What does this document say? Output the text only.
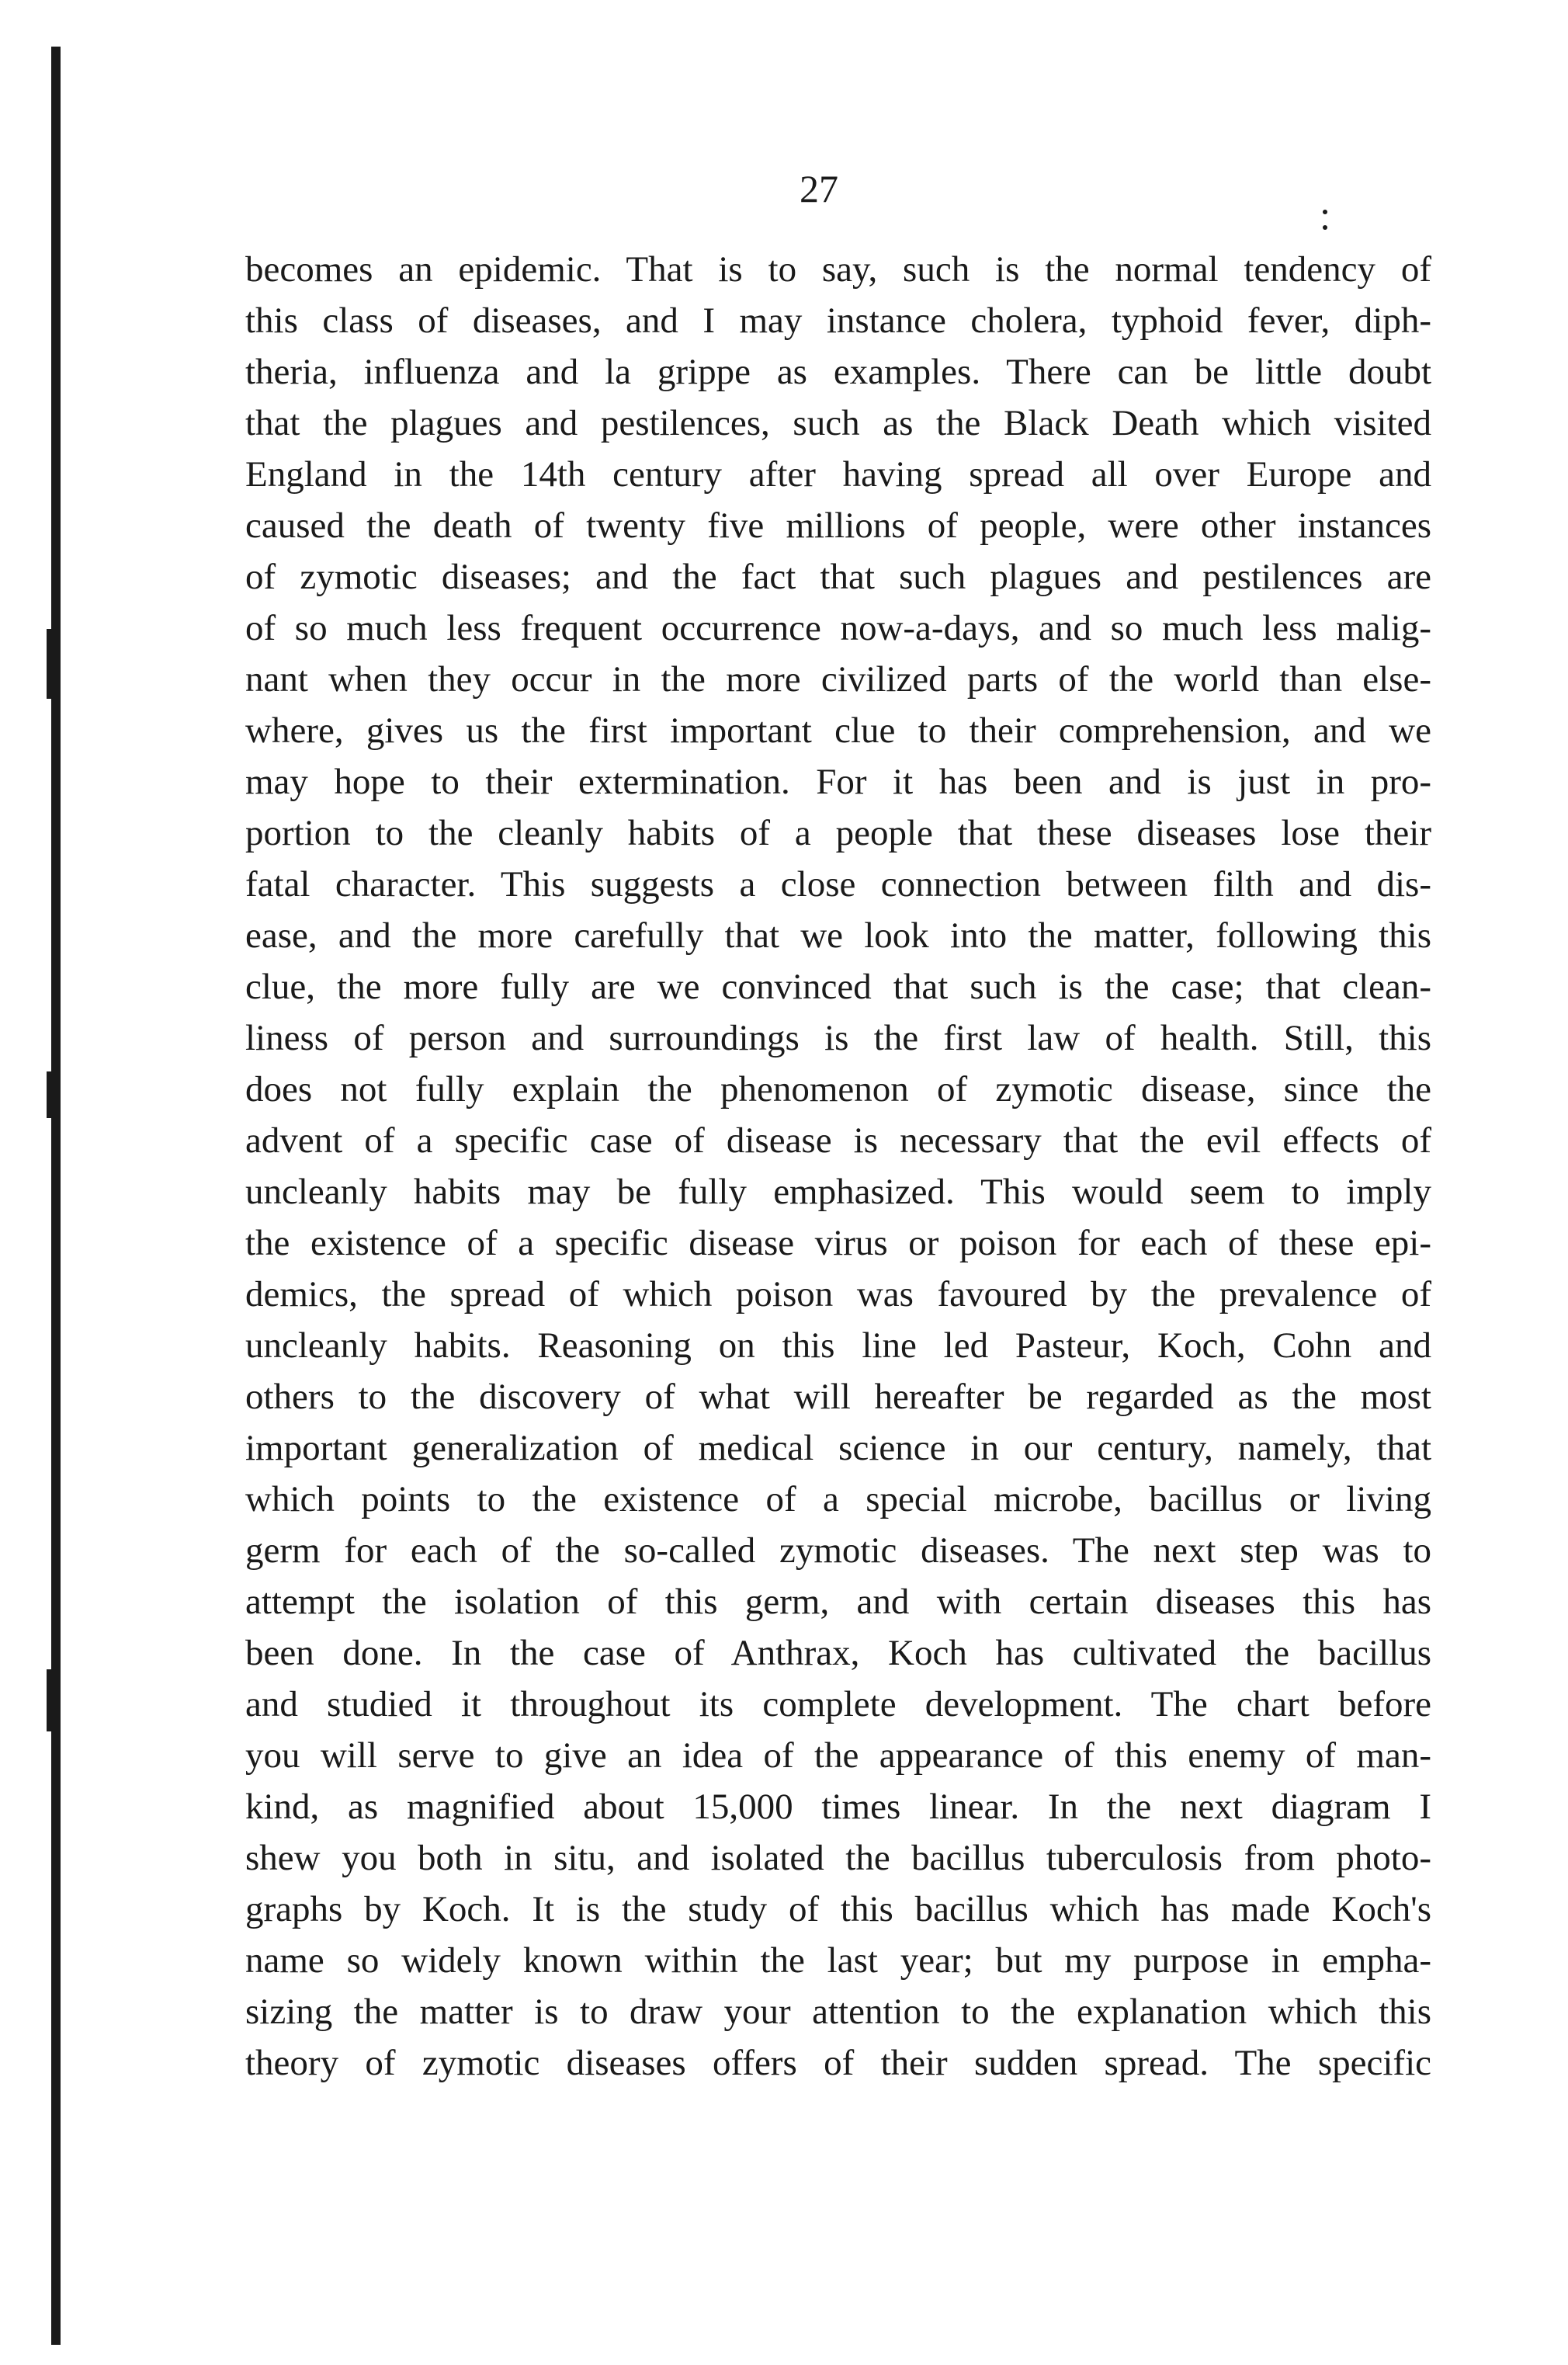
27
becomes an epidemic. That is to say, such is the normal tendency of
this class of diseases, and I may instance cholera, typhoid fever, diph-
theria, influenza and la grippe as examples. There can be little doubt
that the plagues and pestilences, such as the Black Death which visited
England in the 14th century after having spread all over Europe and
caused the death of twenty five millions of people, were other instances
of zymotic diseases; and the fact that such plagues and pestilences are
of so much less frequent occurrence now-a-days, and so much less malig-
nant when they occur in the more civilized parts of the world than else-
where, gives us the first important clue to their comprehension, and we
may hope to their extermination. For it has been and is just in pro-
portion to the cleanly habits of a people that these diseases lose their
fatal character. This suggests a close connection between filth and dis-
ease, and the more carefully that we look into the matter, following this
clue, the more fully are we convinced that such is the case; that clean-
liness of person and surroundings is the first law of health. Still, this
does not fully explain the phenomenon of zymotic disease, since the
advent of a specific case of disease is necessary that the evil effects of
uncleanly habits may be fully emphasized. This would seem to imply
the existence of a specific disease virus or poison for each of these epi-
demics, the spread of which poison was favoured by the prevalence of
uncleanly habits. Reasoning on this line led Pasteur, Koch, Cohn and
others to the discovery of what will hereafter be regarded as the most
important generalization of medical science in our century, namely, that
which points to the existence of a special microbe, bacillus or living
germ for each of the so-called zymotic diseases. The next step was to
attempt the isolation of this germ, and with certain diseases this has
been done. In the case of Anthrax, Koch has cultivated the bacillus
and studied it throughout its complete development. The chart before
you will serve to give an idea of the appearance of this enemy of man-
kind, as magnified about 15,000 times linear. In the next diagram I
shew you both in situ, and isolated the bacillus tuberculosis from photo-
graphs by Koch. It is the study of this bacillus which has made Koch's
name so widely known within the last year; but my purpose in empha-
sizing the matter is to draw your attention to the explanation which this
theory of zymotic diseases offers of their sudden spread. The specific
